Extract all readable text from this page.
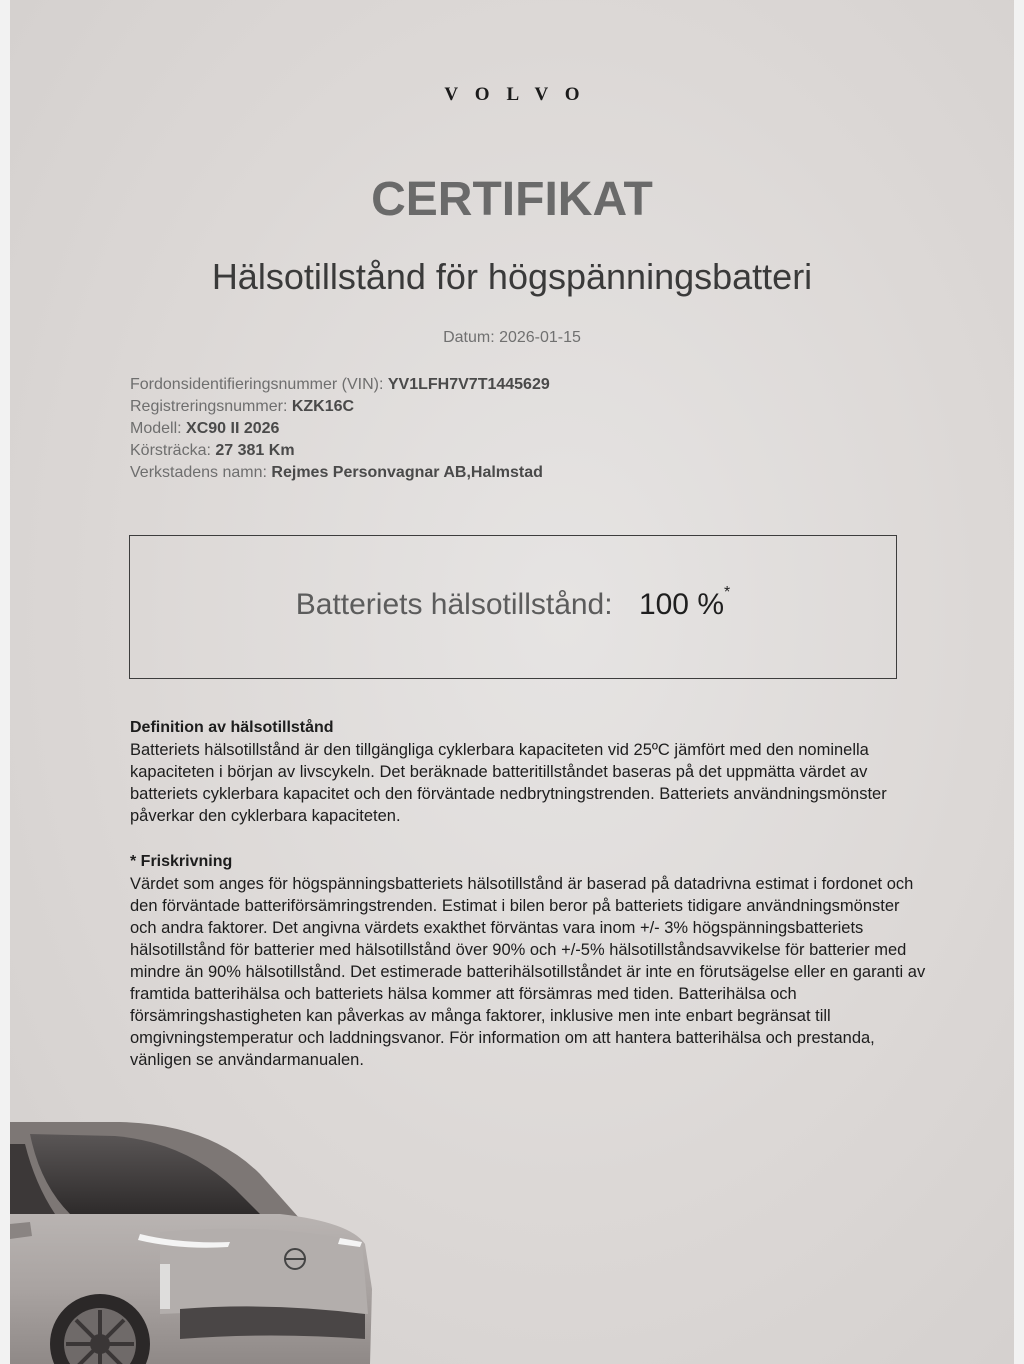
VOLVO
CERTIFIKAT
Hälsotillstånd för högspänningsbatteri
Datum: 2026-01-15
Fordonsidentifieringsnummer (VIN): YV1LFH7V7T1445629
Registreringsnummer: KZK16C
Modell: XC90 II 2026
Körsträcka: 27 381 Km
Verkstadens namn: Rejmes Personvagnar AB,Halmstad
Batteriets hälsotillstånd: 100 %*
Definition av hälsotillstånd

Batteriets hälsotillstånd är den tillgängliga cyklerbara kapaciteten vid 25ºC jämfört med den nominella kapaciteten i början av livscykeln. Det beräknade batteritillståndet baseras på det uppmätta värdet av batteriets cyklerbara kapacitet och den förväntade nedbrytningstrenden. Batteriets användningsmönster påverkar den cyklerbara kapaciteten.

* Friskrivning

Värdet som anges för högspänningsbatteriets hälsotillstånd är baserad på datadrivna estimat i fordonet och den förväntade batteriförsämringstrenden. Estimat i bilen beror på batteriets tidigare användningsmönster och andra faktorer. Det angivna värdets exakthet förväntas vara inom +/- 3% högspänningsbatteriets hälsotillstånd för batterier med hälsotillstånd över 90% och +/-5% hälsotillståndsavvikelse för batterier med mindre än 90% hälsotillstånd. Det estimerade batterihälsotillståndet är inte en förutsägelse eller en garanti av framtida batterihälsa och batteriets hälsa kommer att försämras med tiden. Batterihälsa och försämringshastigheten kan påverkas av många faktorer, inklusive men inte enbart begränsat till omgivningstemperatur och laddningsvanor. För information om att hantera batterihälsa och prestanda, vänligen se användarmanualen.
